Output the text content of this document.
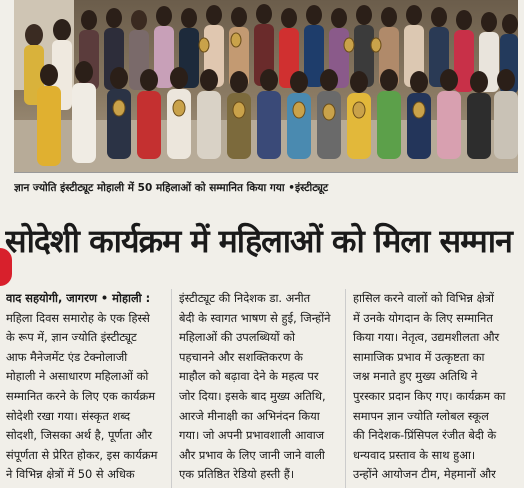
ज्ञान ज्योति इंस्टीट्यूट मोहाली में 50 महिलाओं को सम्मानित किया गया •इंस्टीट्यूट
सोदेशी कार्यक्रम में महिलाओं को मिला सम्मान

वाद सहयोगी, जागरण • मोहाली :

महिला दिवस समारोह के एक हिस्से

के रूप में, ज्ञान ज्योति इंस्टीट्यूट

आफ मैनेजमेंट एंड टेक्नोलाजी

मोहाली ने असाधारण महिलाओं को

सम्मानित करने के लिए एक कार्यक्रम

सोदेशी रखा गया। संस्कृत शब्द

सोदशी, जिसका अर्थ है, पूर्णता और

संपूर्णता से प्रेरित होकर, इस कार्यक्रम

ने विभिन्न क्षेत्रों में 50 से अधिक

इंस्टीट्यूट की निदेशक डा. अनीत

बेदी के स्वागत भाषण से हुई, जिन्होंने

महिलाओं की उपलब्धियों को

पहचानने और सशक्तिकरण के

माहौल को बढ़ावा देने के महत्व पर

जोर दिया। इसके बाद मुख्य अतिथि,

आरजे मीनाक्षी का अभिनंदन किया

गया। जो अपनी प्रभावशाली आवाज

और प्रभाव के लिए जानी जाने वाली

एक प्रतिष्ठित रेडियो हस्ती हैं।

हासिल करने वालों को विभिन्न क्षेत्रों

में उनके योगदान के लिए सम्मानित

किया गया। नेतृत्व, उद्यमशीलता और

सामाजिक प्रभाव में उत्कृष्टता का

जश्न मनाते हुए मुख्य अतिथि ने

पुरस्कार प्रदान किए गए। कार्यक्रम का

समापन ज्ञान ज्योति ग्लोबल स्कूल

की निदेशक-प्रिंसिपल रंजीत बेदी के

धन्यवाद प्रस्ताव के साथ हुआ।

उन्होंने आयोजन टीम, मेहमानों और
